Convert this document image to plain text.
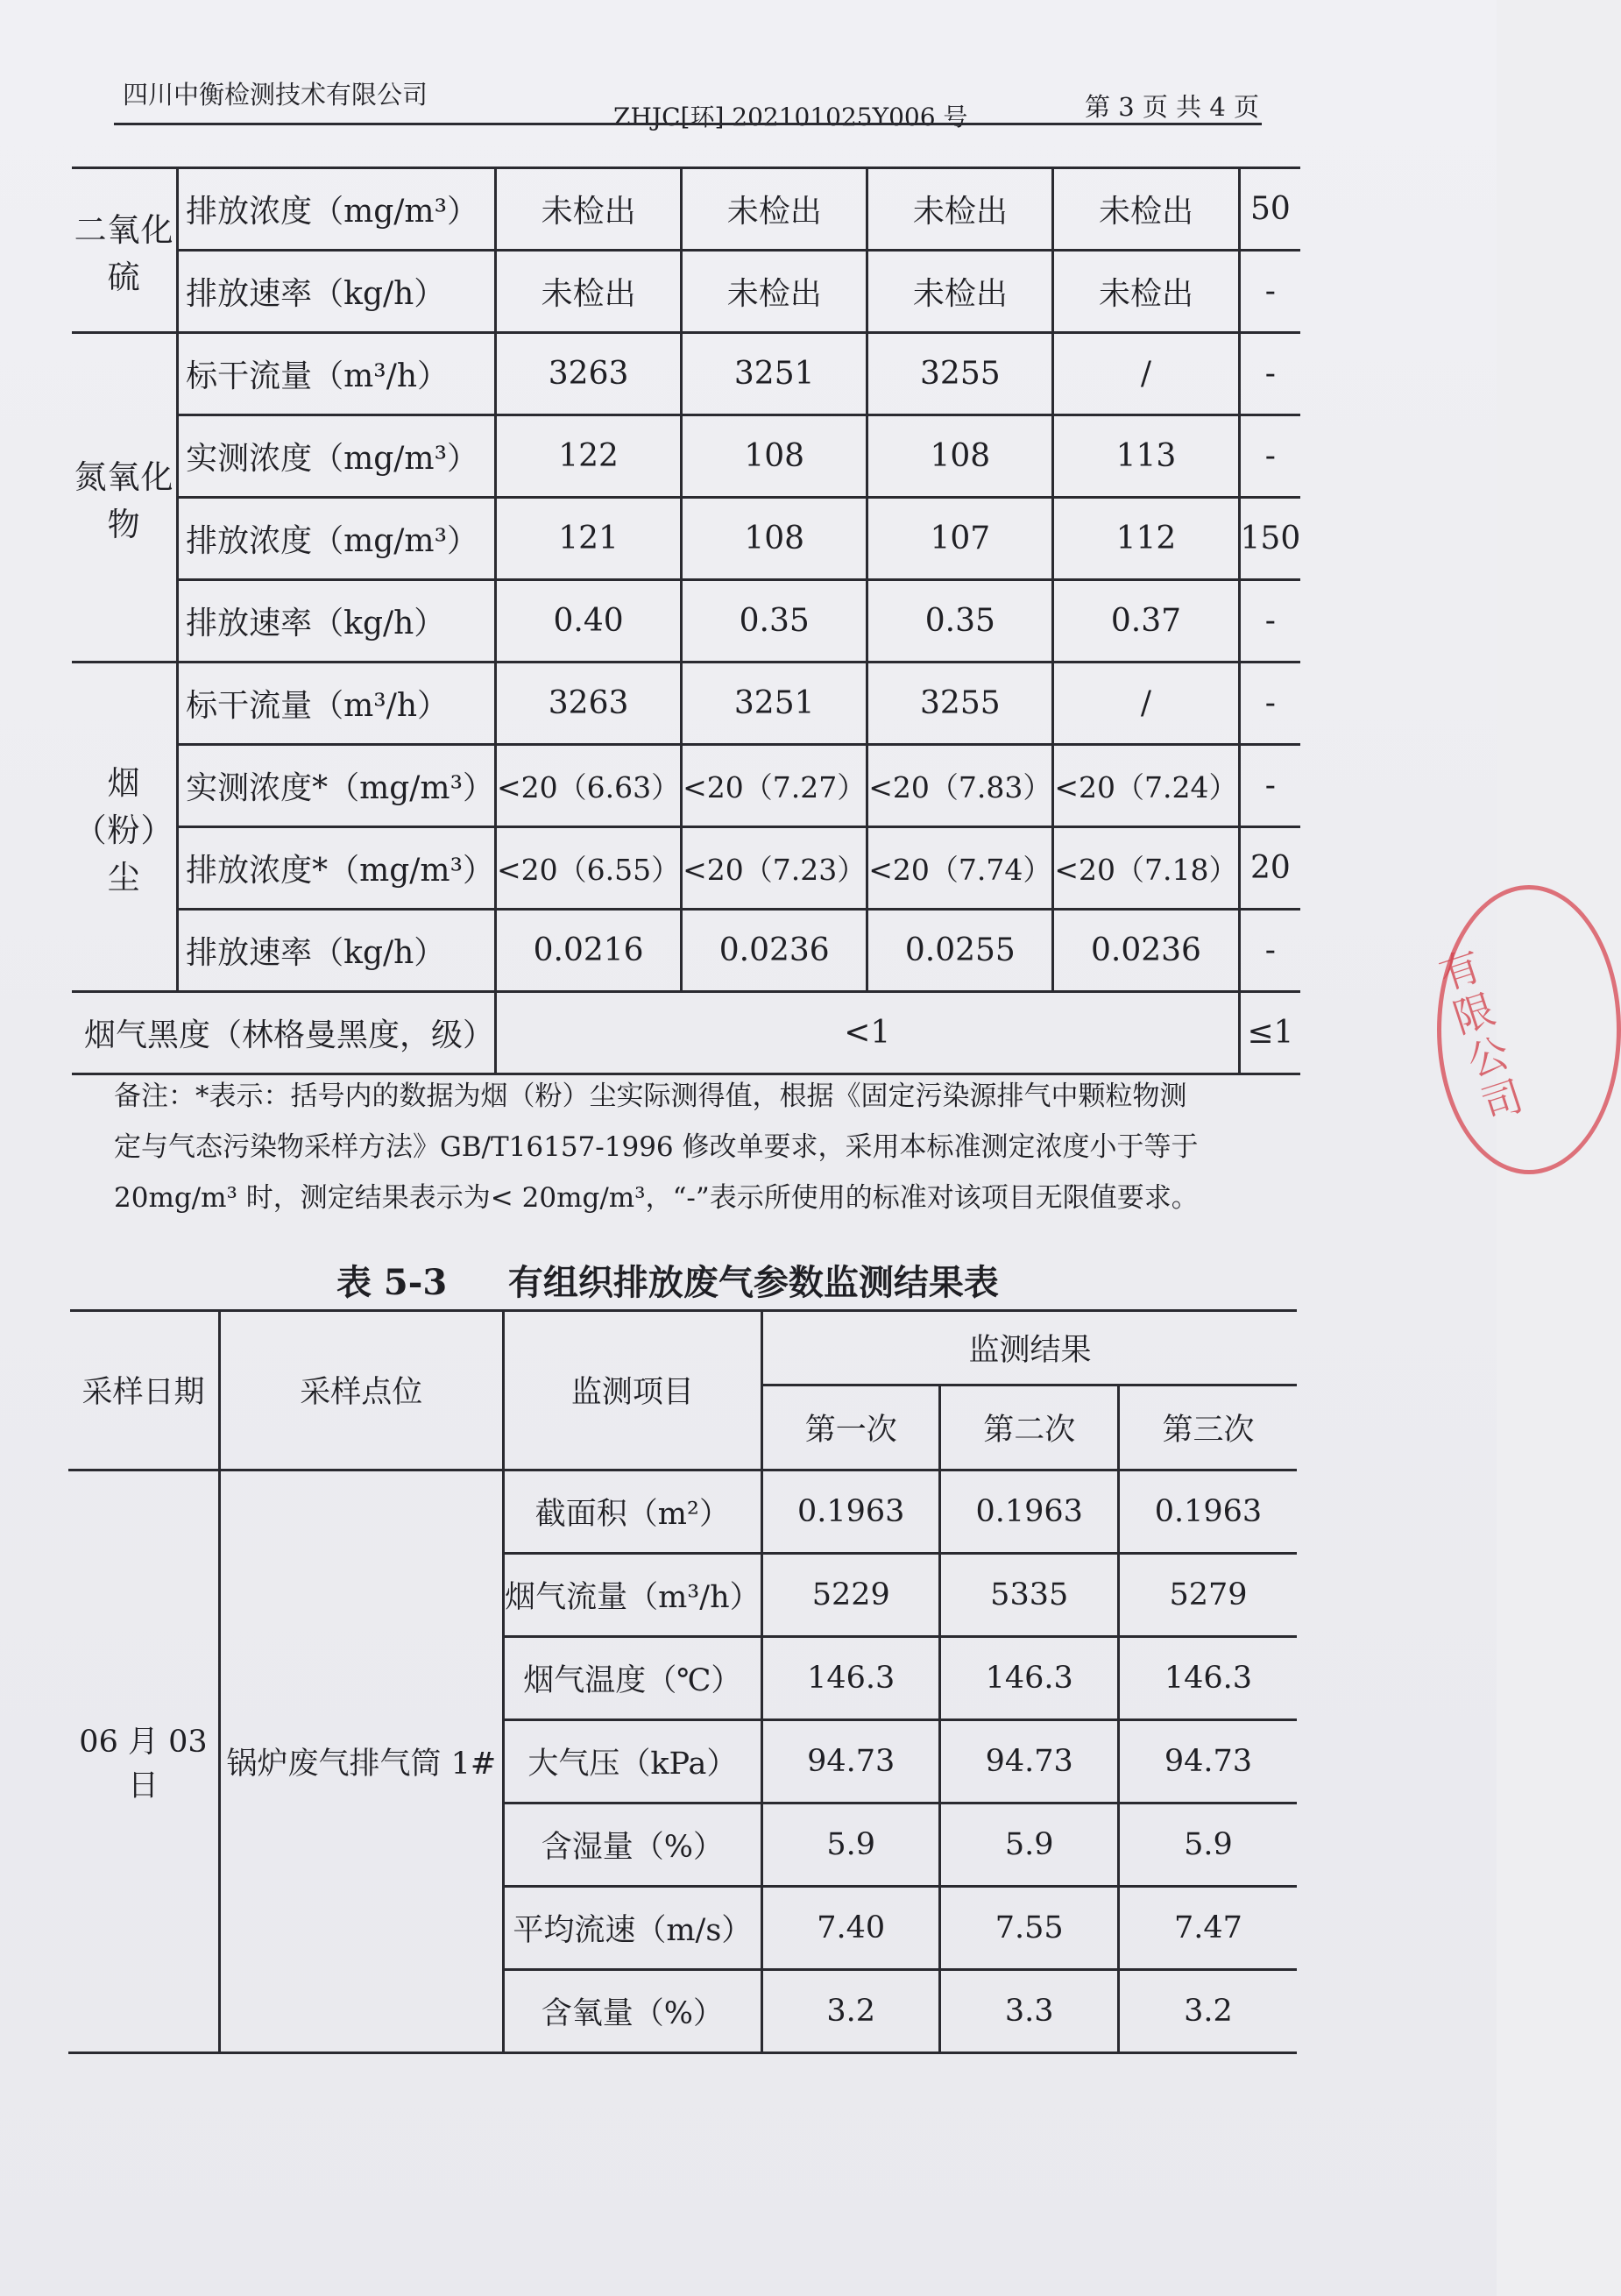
四川中衡检测技术有限公司
ZHJC[环] 202101025Y006 号	第 3 页 共 4 页
二氧化硫	排放浓度（mg/m³）	未检出	未检出	未检出	未检出	50
	排放速率（kg/h）	未检出	未检出	未检出	未检出	-
氮氧化物	标干流量（m³/h）	3263	3251	3255	/	-
	实测浓度（mg/m³）	122	108	108	113	-
	排放浓度（mg/m³）	121	108	107	112	150
	排放速率（kg/h）	0.40	0.35	0.35	0.37	-
烟（粉）尘	标干流量（m³/h）	3263	3251	3255	/	-
	实测浓度*（mg/m³）	<20（6.63）	<20（7.27）	<20（7.83）	<20（7.24）	-
	排放浓度*（mg/m³）	<20（6.55）	<20（7.23）	<20（7.74）	<20（7.18）	20
	排放速率（kg/h）	0.0216	0.0236	0.0255	0.0236	-
烟气黑度（林格曼黑度，级）		<1				≤1
备注：*表示：括号内的数据为烟（粉）尘实际测得值，根据《固定污染源排气中颗粒物测
定与气态污染物采样方法》GB/T16157-1996 修改单要求，采用本标准测定浓度小于等于
20mg/m³ 时，测定结果表示为< 20mg/m³，“-”表示所使用的标准对该项目无限值要求。
表 5-3     有组织排放废气参数监测结果表
采样日期	采样点位	监测项目	监测结果		
			第一次	第二次	第三次
06 月 03 日	锅炉废气排气筒 1#	截面积（m²）	0.1963	0.1963	0.1963
		烟气流量（m³/h）	5229	5335	5279
		烟气温度（℃）	146.3	146.3	146.3
		大气压（kPa）	94.73	94.73	94.73
		含湿量（%）	5.9	5.9	5.9
		平均流速（m/s）	7.40	7.55	7.47
		含氧量（%）	3.2	3.3	3.2
有限公司
